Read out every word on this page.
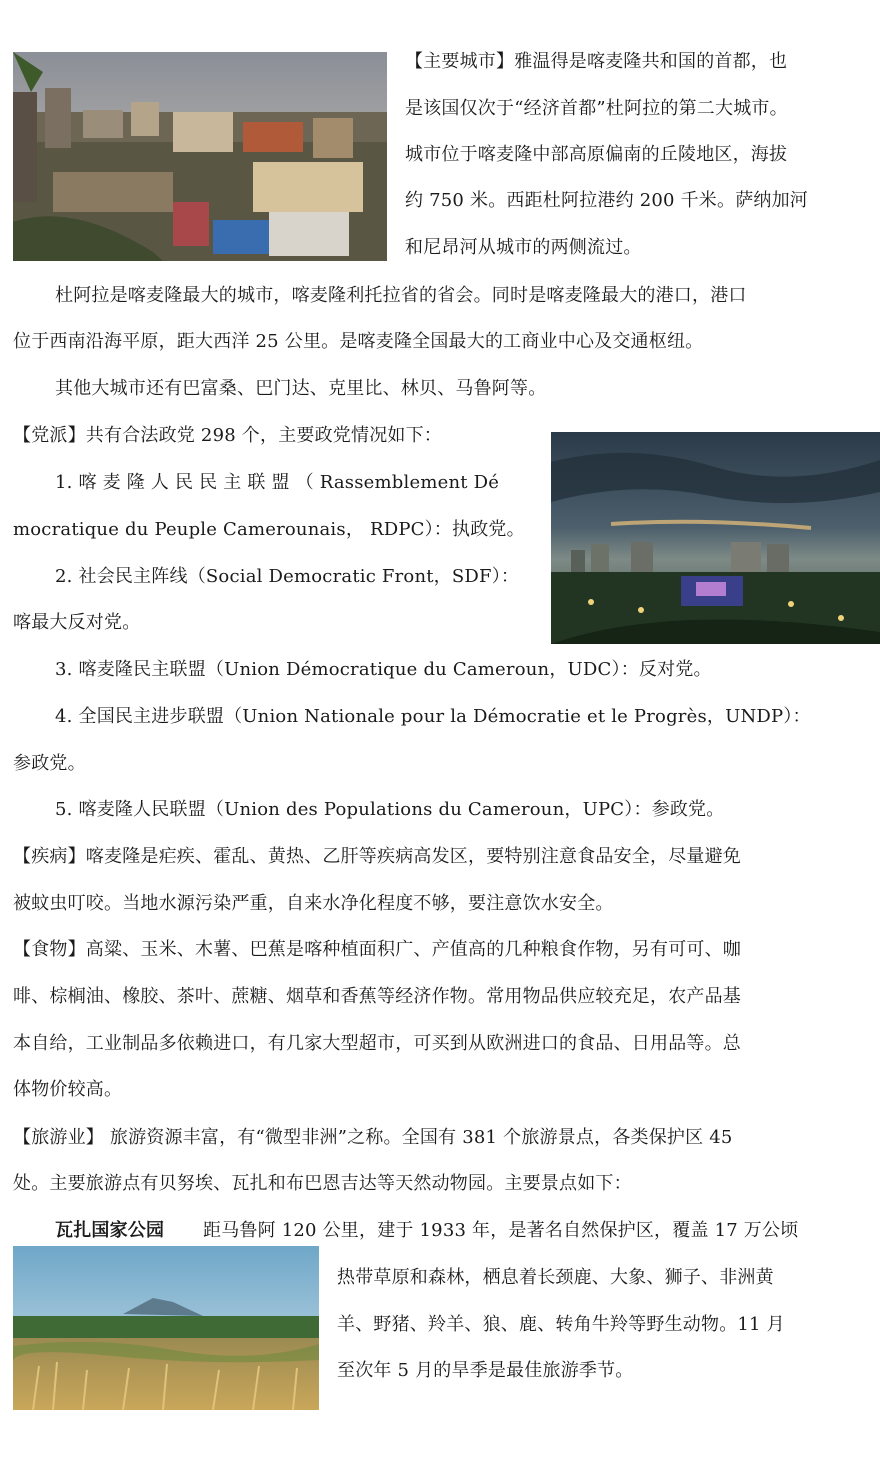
【主要城市】雅温得是喀麦隆共和国的首都，也
是该国仅次于“经济首都”杜阿拉的第二大城市。
城市位于喀麦隆中部高原偏南的丘陵地区，海拔
约 750 米。西距杜阿拉港约 200 千米。萨纳加河
和尼昂河从城市的两侧流过。
杜阿拉是喀麦隆最大的城市，喀麦隆利托拉省的省会。同时是喀麦隆最大的港口，港口
位于西南沿海平原，距大西洋 25 公里。是喀麦隆全国最大的工商业中心及交通枢纽。
其他大城市还有巴富桑、巴门达、克里比、林贝、马鲁阿等。
【党派】共有合法政党 298 个，主要政党情况如下：
1. 喀 麦 隆 人 民 民 主 联 盟 （ Rassemblement Dé
mocratique du Peuple Camerounais， RDPC）：执政党。
2. 社会民主阵线（Social Democratic Front，SDF）：
喀最大反对党。
3. 喀麦隆民主联盟（Union Démocratique du Cameroun，UDC）：反对党。
4. 全国民主进步联盟（Union Nationale pour la Démocratie et le Progrès，UNDP）：
参政党。
5. 喀麦隆人民联盟（Union des Populations du Cameroun，UPC）：参政党。
【疾病】喀麦隆是疟疾、霍乱、黄热、乙肝等疾病高发区，要特别注意食品安全，尽量避免
被蚊虫叮咬。当地水源污染严重，自来水净化程度不够，要注意饮水安全。
【食物】高粱、玉米、木薯、巴蕉是喀种植面积广、产值高的几种粮食作物，另有可可、咖
啡、棕榈油、橡胶、茶叶、蔗糖、烟草和香蕉等经济作物。常用物品供应较充足，农产品基
本自给，工业制品多依赖进口，有几家大型超市，可买到从欧洲进口的食品、日用品等。总
体物价较高。
【旅游业】 旅游资源丰富，有“微型非洲”之称。全国有 381 个旅游景点，各类保护区 45
处。主要旅游点有贝努埃、瓦扎和布巴恩吉达等天然动物园。主要景点如下：
瓦扎国家公园 距马鲁阿 120 公里，建于 1933 年，是著名自然保护区，覆盖 17 万公顷
热带草原和森林，栖息着长颈鹿、大象、狮子、非洲黄
羊、野猪、羚羊、狼、鹿、转角牛羚等野生动物。11 月
至次年 5 月的旱季是最佳旅游季节。
